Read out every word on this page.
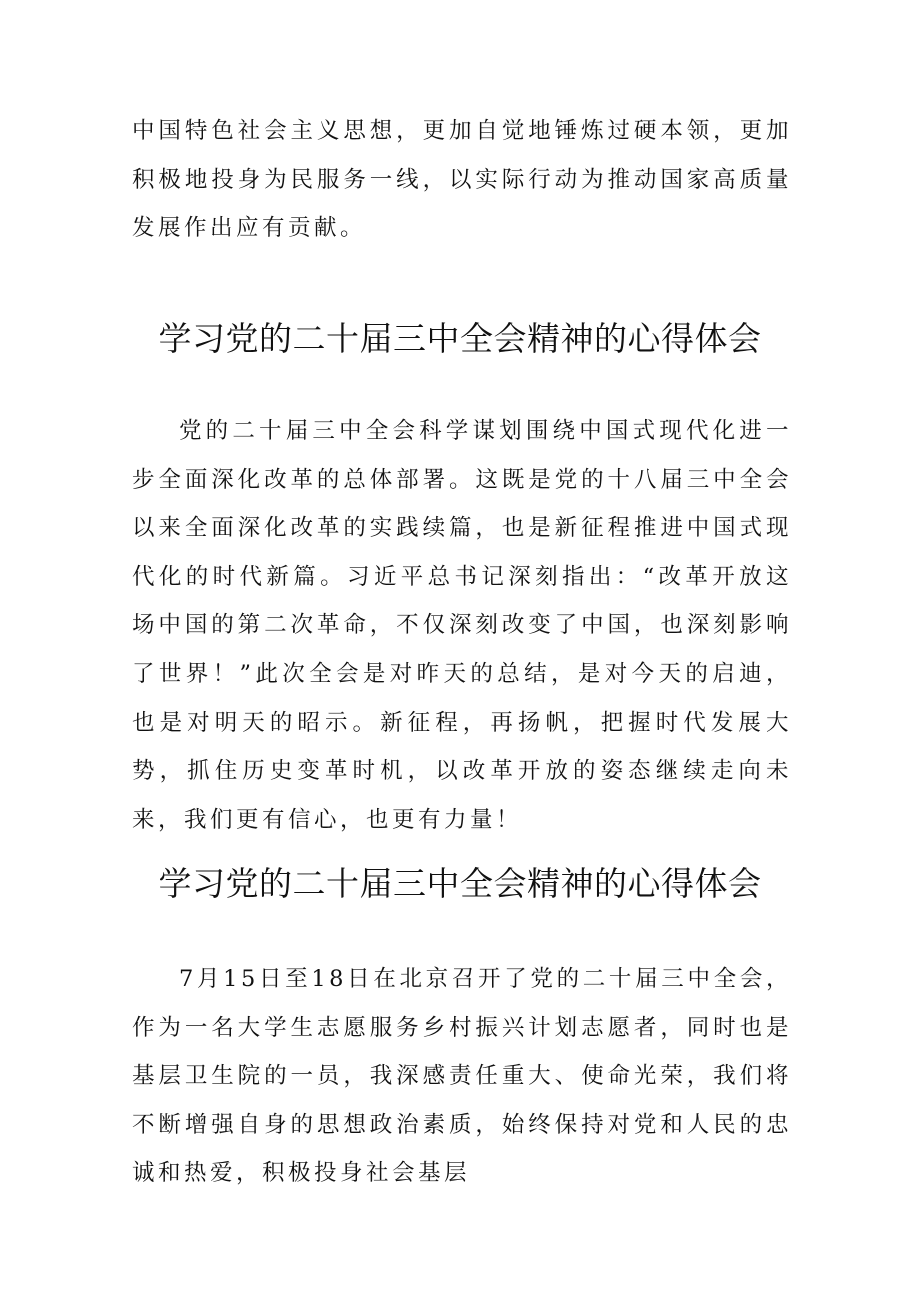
中国特色社会主义思想，更加自觉地锤炼过硬本领，更加积极地投身为民服务一线，以实际行动为推动国家高质量发展作出应有贡献。

学习党的二十届三中全会精神的心得体会

党的二十届三中全会科学谋划围绕中国式现代化进一步全面深化改革的总体部署。这既是党的十八届三中全会以来全面深化改革的实践续篇，也是新征程推进中国式现代化的时代新篇。习近平总书记深刻指出：“改革开放这场中国的第二次革命，不仅深刻改变了中国，也深刻影响了世界！”此次全会是对昨天的总结，是对今天的启迪，也是对明天的昭示。新征程，再扬帆，把握时代发展大势，抓住历史变革时机，以改革开放的姿态继续走向未来，我们更有信心，也更有力量！

学习党的二十届三中全会精神的心得体会

7月15日至18日在北京召开了党的二十届三中全会，作为一名大学生志愿服务乡村振兴计划志愿者，同时也是基层卫生院的一员，我深感责任重大、使命光荣，我们将不断增强自身的思想政治素质，始终保持对党和人民的忠诚和热爱，积极投身社会基层
